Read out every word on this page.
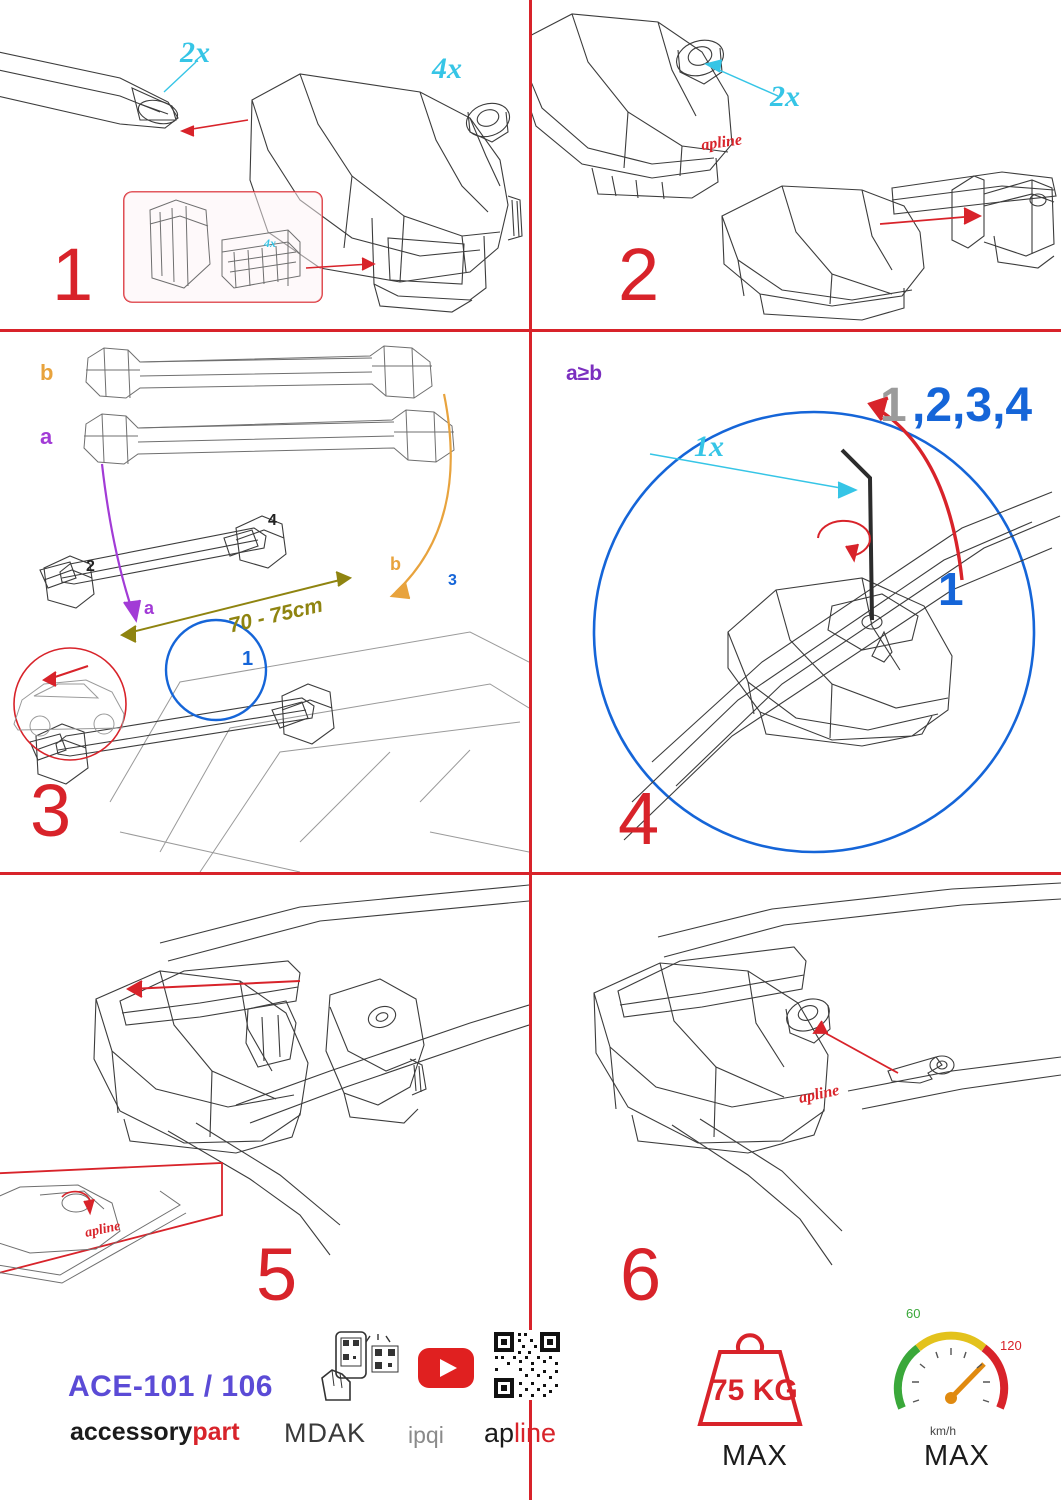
4x
2x	4x
1
apline
2x
2
b
a
a≥b
70 - 75cm
a
b
1
2
3
4
3
1x
1 ,2,3,4
1
4
apline
5
apline
6
ACE-101 / 106
accessorypart MDAK ipqi apline
75 KG
MAX
60
120
km/h
MAX
